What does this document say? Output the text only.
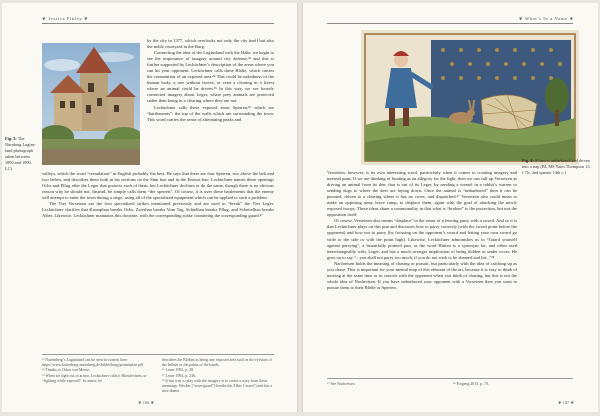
❦ Jessica Finley ❦
Fig. 3: The Nürnberg Luginsland photograph taken between 1890 and 1900, LC)

by the city in 1377, which overlooks not only the city itself but also the noble courtyard in the Burg.

Connecting the idea of the Luginsland with the Haße, we begin to see the importance of imagery around city defense,²³ and this is further supported by Lecküchner’s description of the areas where you can hit your opponent. Lecküchner calls these Blöße, which carries the connotation of an exposed area.²⁴ This could be nakedness of the human body, a tree without leaves, or even a clearing in a forest where an animal could be driven.²⁵ In this way, we see loosely connected imagery about Leger, where prey animals are protected rather than being in a clearing where they are not.

Lecküchner calls these exposed areas Sperren,²⁶ which are “battlements”: the top of the walls which are surrounding the town. This word carries the sense of alternating peaks and

valleys, which the word “crenulation” in English probably fits best. He says that there are four Sperren, two above the belt and two below, and describes them both in his sections on the Sinn bau and in the Entrust bau. Lecküchner names these openings Ochs and Pflug after the Leger that protects each of them, but Lecküchner declines to do the same, though there is no obvious reason why he should not. Instead, he simply calls them “der sperren”. Of course, it is over these battlements that the enemy will attempt to enter the town during a siege, using all of the specialized equipment which can be applied to such a problem.

The Vier Versetzen are the four specialized strikes mentioned previously and are used to “break” the Vier Leger. Lecküchner clarifies that Krumphau breaks Ochs, Zwerhau breaks Vom Tag, Schielhau breaks Pflug, and Scheitelhau breaks Alber. Likewise, Lecküchner maintains this doctrine, with the corresponding strike countering the corresponding guard.²⁷

²³ Nuremberg’s Luginsland can be seen in context here: https://www.kaiserburg-nuernberg.de/bilder/burg/gesamtplan.pdf
²⁴ Thanks to Oskar von Mentz.
²⁵ When we fight out of armor, Lecküchner calls it Blossfechten, or “fighting while exposed”. In armor, he
describes the Blößen as being any exposed area such as the eyeslots of the helmet or the palms of the hands.
²⁶ Lexer 1992, p. 28.
²⁷ Lexer 1992, p. 236.
²⁸ A fun way to play with the imagery is to create a story from these meanings: Wecker (“town guard”) breaks the Alber (“warn”) and has a nice dinner.
❦ 166 ❦
❦ What’s In a Name ❦
Fig. 4: A hare is unharbored and driven into a trap (BL MS Yates Thompson 13, f 7lv, 2nd quarter 14th c.)

Versetzen, however, is its own interesting word, particularly when it comes to creating imagery and internal puns. If we are thinking of hunting as an allegory for the fight, then we can call up Versetzen as driving an animal from its den, that is out of its Leger, by sending a weasel in a rabbit’s warren or sending dogs to where the deer are laying down. Once the animal is “unharbored” then it can be pursued, driven to a clearing where it has no cover, and dispatched.²⁷ Versetzen also could mean to make an opposing army leave camp, to displace them, again with the goal of attacking the newly exposed troops. These ideas share a commonality in that what is “broken” is the protection, but not the opposition itself.

Of course, Versetzen also means “displace” in the sense of a fencing parry with a sword. And so it is that Lecküchner plays on this pun and discusses how to parry correctly (with the sword point before the opponent) and how not to parry (by focusing on the opponent’s sword and letting your own sword go wide to the side or with the point high). Likewise, Lecküchner admonishes us to “Guard yourself against parrying”, a beautifully pointed pun, as the word Hütten is a synonym for, and often used interchangeably with, Leger, and has a much stronger implication of being hidden or under cover. He goes on to say “...you shall not parry too much, if you do not wish to be shamed and hit...”²⁸

Nachreisen holds the meaning of chasing or pursuit, but particularly with the idea of catching up as you chase. This is important for your mental map of this element of the art, because it is easy to think of moving at the same time or in concert with the opponent when you think of chasing, but this is not the whole idea of Nachreisen. If you have unharbored your opponent with a Versetzen then you want to pursue them to their Blöße or Sperren.

²⁷ See Nachreisen	²⁸ Forgeng 2015, p. 70.
❦ 167 ❦
